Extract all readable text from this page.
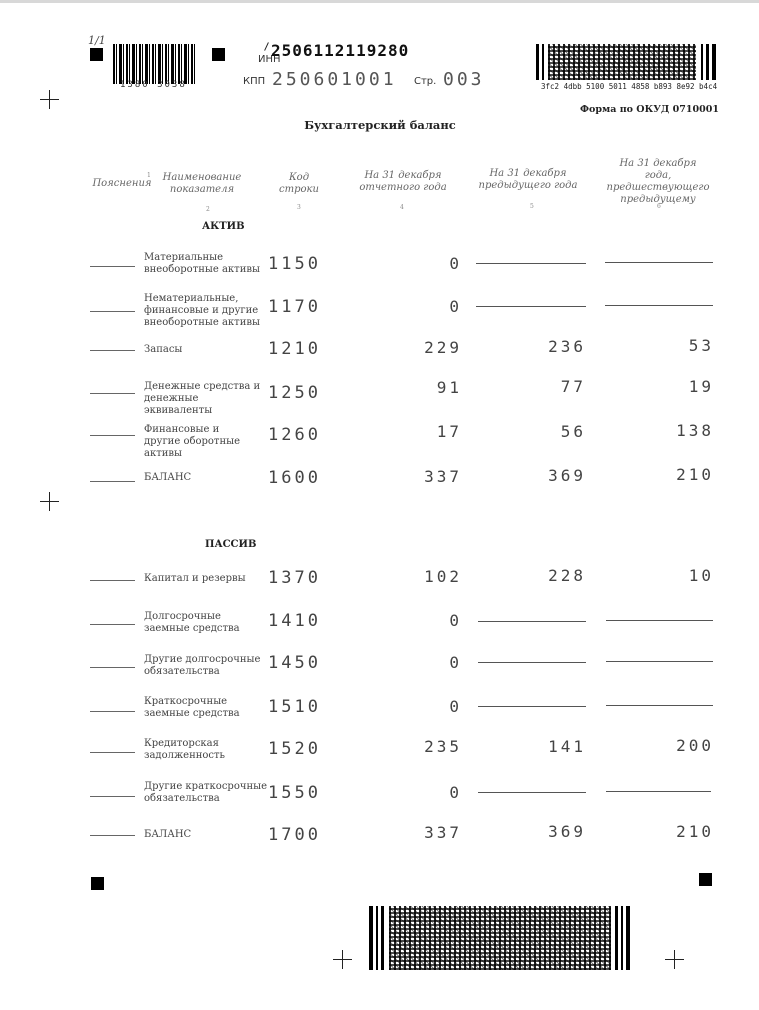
1/1
1380 3038
ИНН
2506112119280
КПП 250601001 Стр. 003	3fc2 4dbb 5100 5011 4858 b893 8e92 b4c4
Форма по ОКУД 0710001
Бухгалтерский баланс
Пояснения
Наименование показателя
Код строки
На 31 декабря отчетного года
На 31 декабря предыдущего года
На 31 декабря года, предшествующего предыдущему
1
2	3	4	5	6
АКТИВ
Материальные внеоборотные активы 1150	0
Нематериальные, финансовые и другие внеоборотные активы
1170	0
Запасы	1210	229	236	53
Денежные средства и денежные эквиваленты
1250	91	77	19
Финансовые и другие оборотные активы
1260	17	56	138
БАЛАНС	1600	337	369	210
ПАССИВ
Капитал и резервы	1370	102	228	10
Долгосрочные заемные средства	1410	0
Другие долгосрочные обязательства	1450	0
Краткосрочные заемные средства	1510	0
Кредиторская задолженность	1520	235	141	200
Другие краткосрочные обязательства	1550	0
БАЛАНС	1700	337	369	210
